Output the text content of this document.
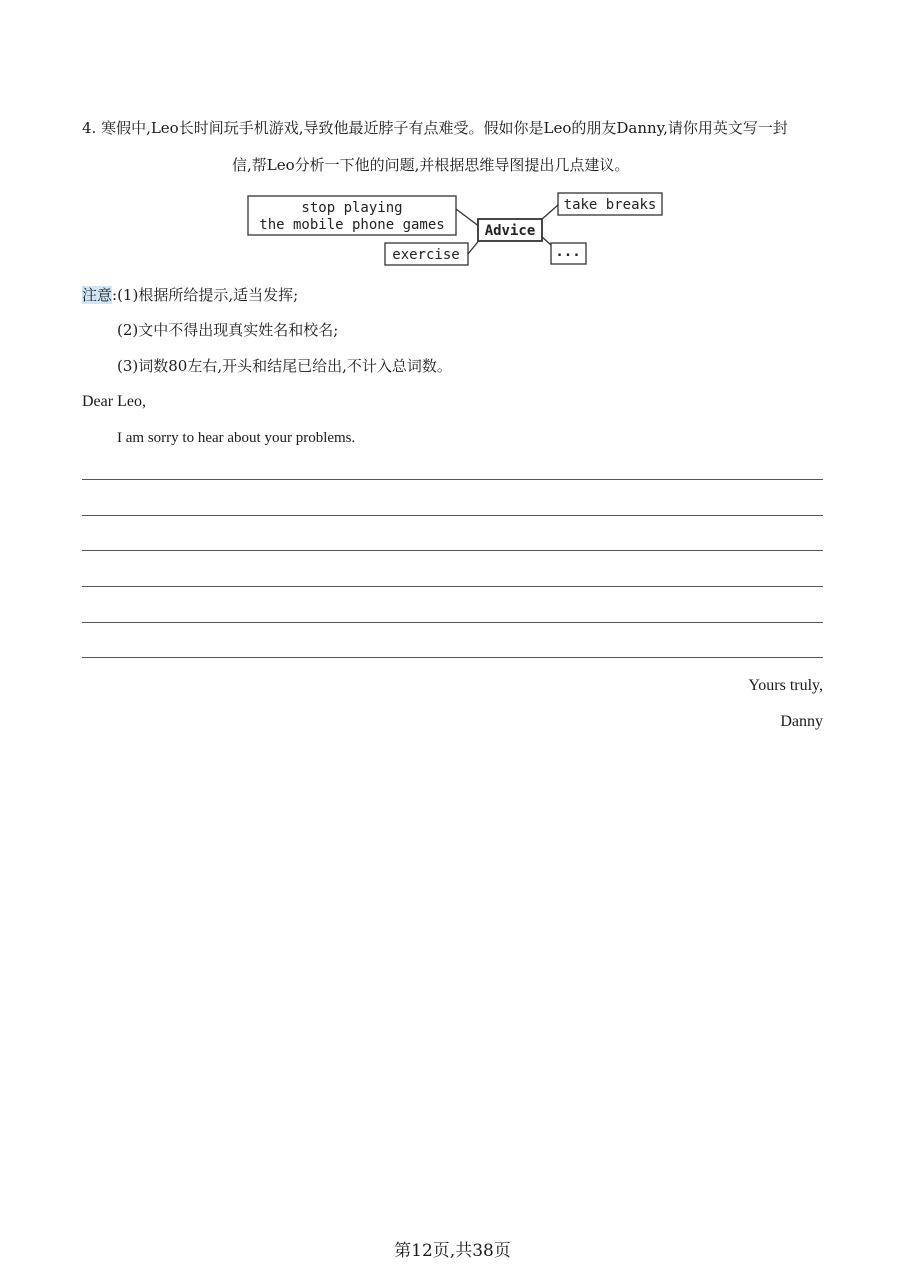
4. 寒假中,Leo长时间玩手机游戏,导致他最近脖子有点难受。假如你是Leo的朋友Danny,请你用英文写一封
信,帮Leo分析一下他的问题,并根据思维导图提出几点建议。
stop playing
the mobile phone games	Advice
take breaks
exercise	...
注意:(1)根据所给提示,适当发挥;
(2)文中不得出现真实姓名和校名;
(3)词数80左右,开头和结尾已给出,不计入总词数。
Dear Leo,
I am sorry to hear about your problems.
Yours truly,
Danny
第12页,共38页
